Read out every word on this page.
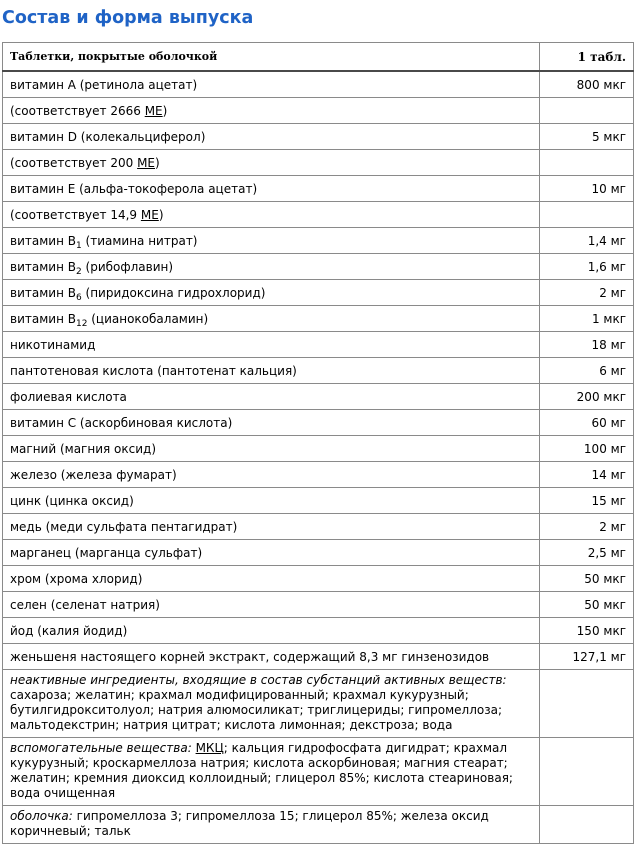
Состав и форма выпуска
Таблетки, покрытые оболочкой	1 табл.
витамин A (ретинола ацетат)	800 мкг
(соответствует 2666 МЕ)	
витамин D (колекальциферол)	5 мкг
(соответствует 200 МЕ)	
витамин E (альфа-токоферола ацетат)	10 мг
(соответствует 14,9 МЕ)	
витамин $B_1$ (тиамина нитрат)	1,4 мг
витамин $B_2$ (рибофлавин)	1,6 мг
витамин $B_6$ (пиридоксина гидрохлорид)	2 мг
витамин $B_{12}$ (цианокобаламин)	1 мкг
никотинамид	18 мг
пантотеновая кислота (пантотенат кальция)	6 мг
фолиевая кислота	200 мкг
витамин C (аскорбиновая кислота)	60 мг
магний (магния оксид)	100 мг
железо (железа фумарат)	14 мг
цинк (цинка оксид)	15 мг
медь (меди сульфата пентагидрат)	2 мг
марганец (марганца сульфат)	2,5 мг
хром (хрома хлорид)	50 мкг
селен (селенат натрия)	50 мкг
йод (калия йодид)	150 мкг
женьшеня настоящего корней экстракт, содержащий 8,3 мг гинзенозидов	127,1 мг
неактивные ингредиенты, входящие в состав субстанций активных веществ: сахароза; желатин; крахмал модифицированный; крахмал кукурузный; бутилгидрокситолуол; натрия алюмосиликат; триглицериды; гипромеллоза; мальтодекстрин; натрия цитрат; кислота лимонная; декстроза; вода	
вспомогательные вещества: МКЦ; кальция гидрофосфата дигидрат; крахмал кукурузный; кроскармеллоза натрия; кислота аскорбиновая; магния стеарат; желатин; кремния диоксид коллоидный; глицерол 85%; кислота стеариновая; вода очищенная	
оболочка: гипромеллоза 3; гипромеллоза 15; глицерол 85%; железа оксид коричневый; тальк	
